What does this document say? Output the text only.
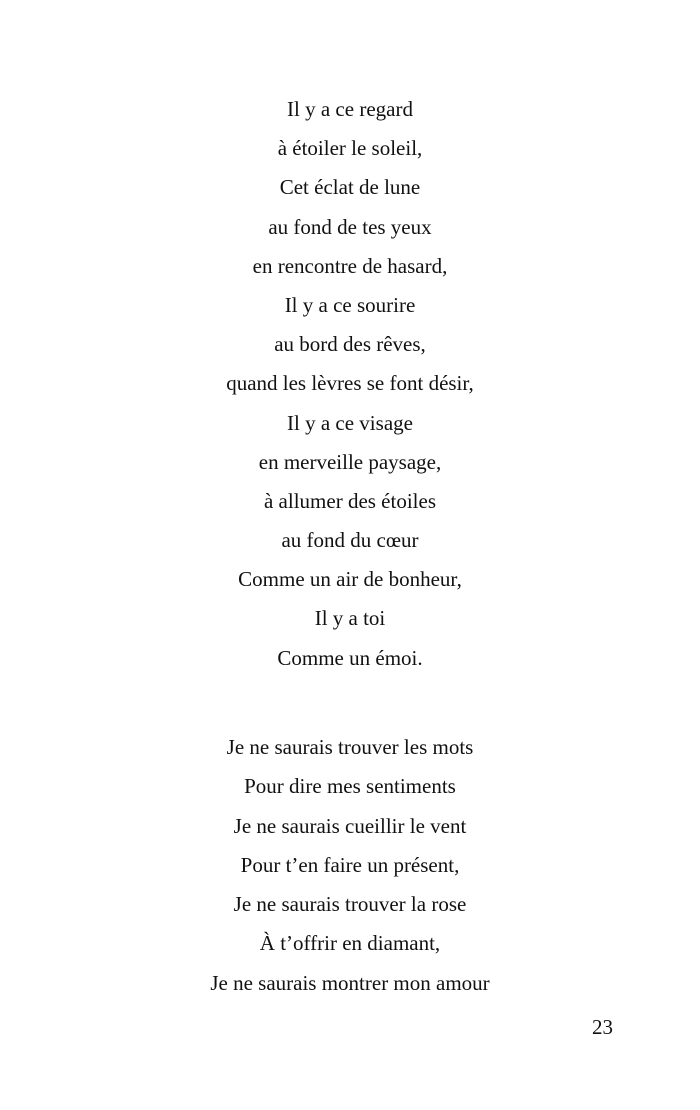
Il y a ce regard
à étoiler le soleil,
Cet éclat de lune
au fond de tes yeux
en rencontre de hasard,
Il y a ce sourire
au bord des rêves,
quand les lèvres se font désir,
Il y a ce visage
en merveille paysage,
à allumer des étoiles
au fond du cœur
Comme un air de bonheur,
Il y a toi
Comme un émoi.
Je ne saurais trouver les mots
Pour dire mes sentiments
Je ne saurais cueillir le vent
Pour t’en faire un présent,
Je ne saurais trouver la rose
À t’offrir en diamant,
Je ne saurais montrer mon amour
23
